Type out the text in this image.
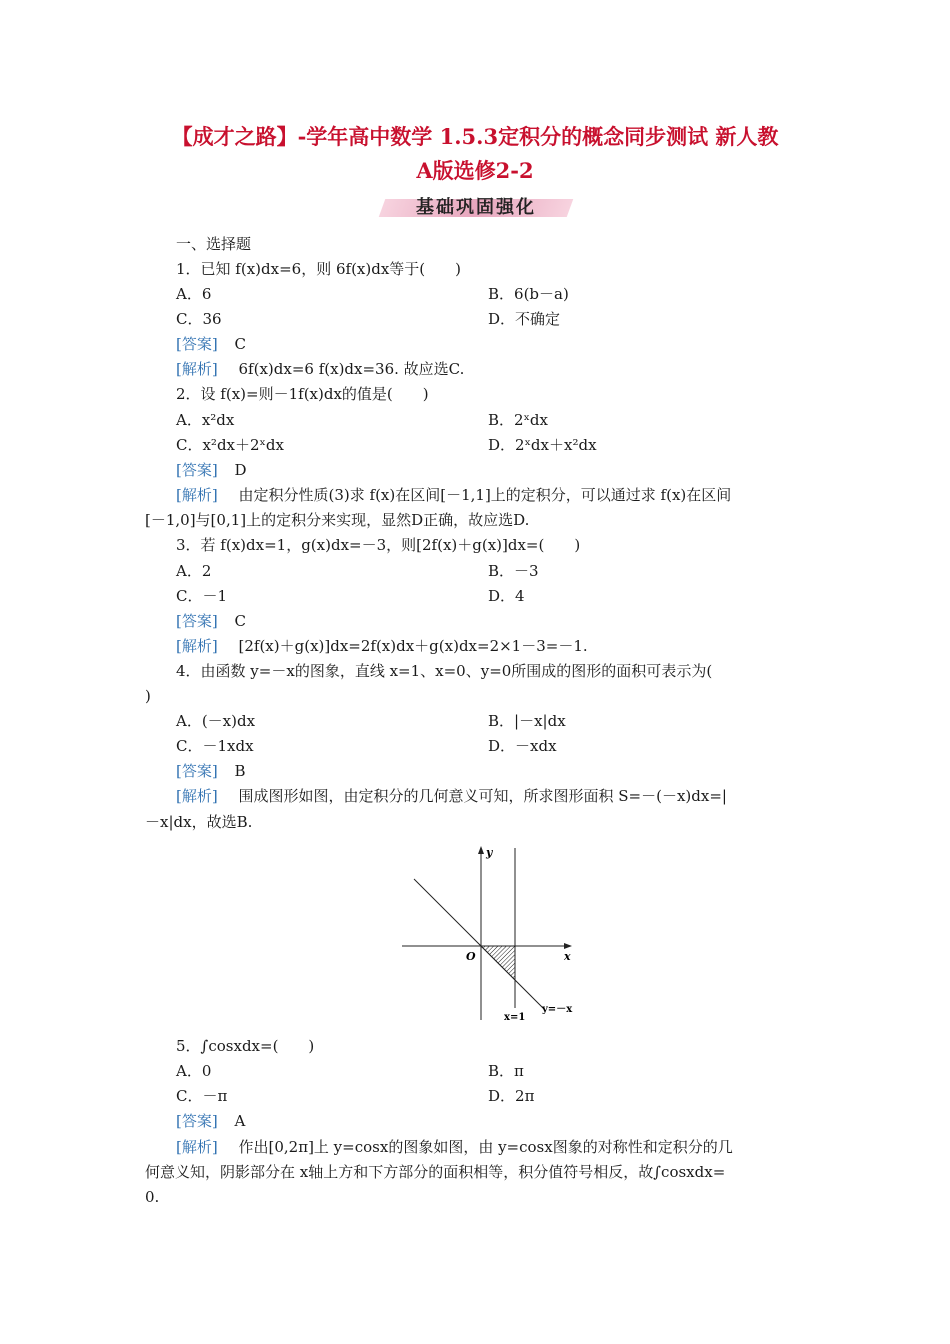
【成才之路】-学年高中数学 1.5.3定积分的概念同步测试 新人教
A版选修2-2
基础巩固强化
一、选择题
1．已知 f(x)dx=6，则 6f(x)dx等于(　　)
A．6	B．6(b－a)
C．36	D．不确定
[答案] C
[解析] 6f(x)dx=6 f(x)dx=36. 故应选C.
2．设 f(x)=则－1f(x)dx的值是(　　)
A．x²dx	B．2ˣdx
C．x²dx＋2ˣdx	D．2ˣdx＋x²dx
[答案] D
[解析] 由定积分性质(3)求 f(x)在区间[－1,1]上的定积分，可以通过求 f(x)在区间
[－1,0]与[0,1]上的定积分来实现，显然D正确，故应选D.
3．若 f(x)dx=1，g(x)dx=－3，则[2f(x)＋g(x)]dx=(　　)
A．2	B．－3
C．－1	D．4
[答案] C
[解析] [2f(x)＋g(x)]dx=2f(x)dx＋g(x)dx=2×1－3=－1.
4．由函数 y=－x的图象，直线 x=1、x=0、y=0所围成的图形的面积可表示为(
)
A．(－x)dx	B．|－x|dx
C．－1xdx	D．－xdx
[答案] B
[解析] 围成图形如图，由定积分的几何意义可知，所求图形面积 S=－(－x)dx=|
－x|dx，故选B.
y
x
O
y=－x
x=1
5．∫cosxdx=(　　)
A．0	B．π
C．－π	D．2π
[答案] A
[解析] 作出[0,2π]上 y=cosx的图象如图，由 y=cosx图象的对称性和定积分的几
何意义知，阴影部分在 x轴上方和下方部分的面积相等，积分值符号相反，故∫cosxdx=
0.
